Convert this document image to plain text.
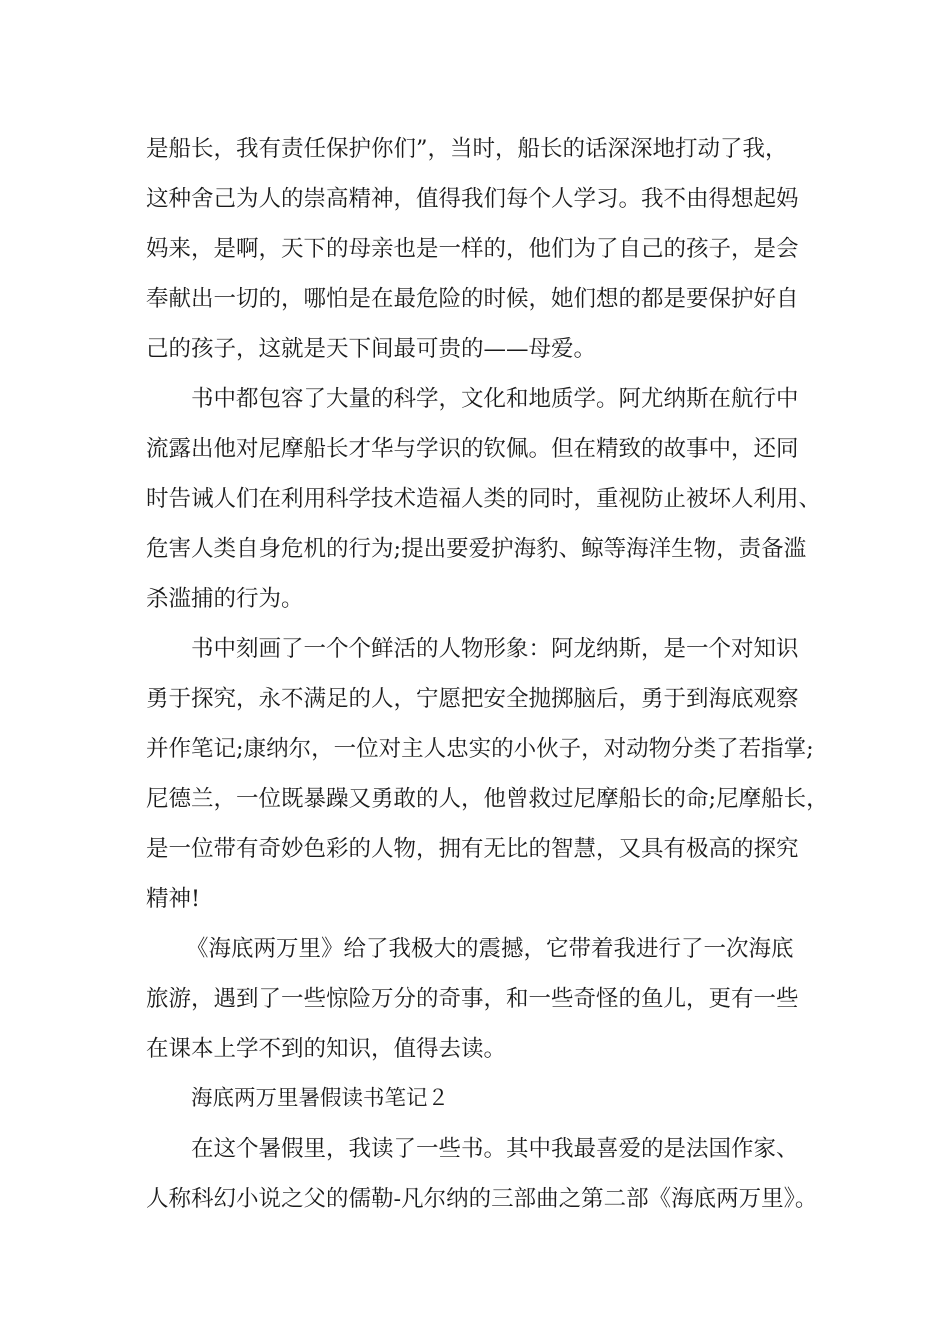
是船长，我有责任保护你们”，当时，船长的话深深地打动了我，
这种舍己为人的崇高精神，值得我们每个人学习。我不由得想起妈
妈来，是啊，天下的母亲也是一样的，他们为了自己的孩子，是会
奉献出一切的，哪怕是在最危险的时候，她们想的都是要保护好自
己的孩子，这就是天下间最可贵的——母爱。
书中都包容了大量的科学，文化和地质学。阿尤纳斯在航行中
流露出他对尼摩船长才华与学识的钦佩。但在精致的故事中，还同
时告诫人们在利用科学技术造福人类的同时，重视防止被坏人利用、
危害人类自身危机的行为;提出要爱护海豹、鲸等海洋生物，责备滥
杀滥捕的行为。
书中刻画了一个个鲜活的人物形象：阿龙纳斯，是一个对知识
勇于探究，永不满足的人，宁愿把安全抛掷脑后，勇于到海底观察
并作笔记;康纳尔，一位对主人忠实的小伙子，对动物分类了若指掌;
尼德兰，一位既暴躁又勇敢的人，他曾救过尼摩船长的命;尼摩船长，
是一位带有奇妙色彩的人物，拥有无比的智慧，又具有极高的探究
精神!
《海底两万里》给了我极大的震撼，它带着我进行了一次海底
旅游，遇到了一些惊险万分的奇事，和一些奇怪的鱼儿，更有一些
在课本上学不到的知识，值得去读。
海底两万里暑假读书笔记２
在这个暑假里，我读了一些书。其中我最喜爱的是法国作家、
人称科幻小说之父的儒勒-凡尔纳的三部曲之第二部《海底两万里》。
